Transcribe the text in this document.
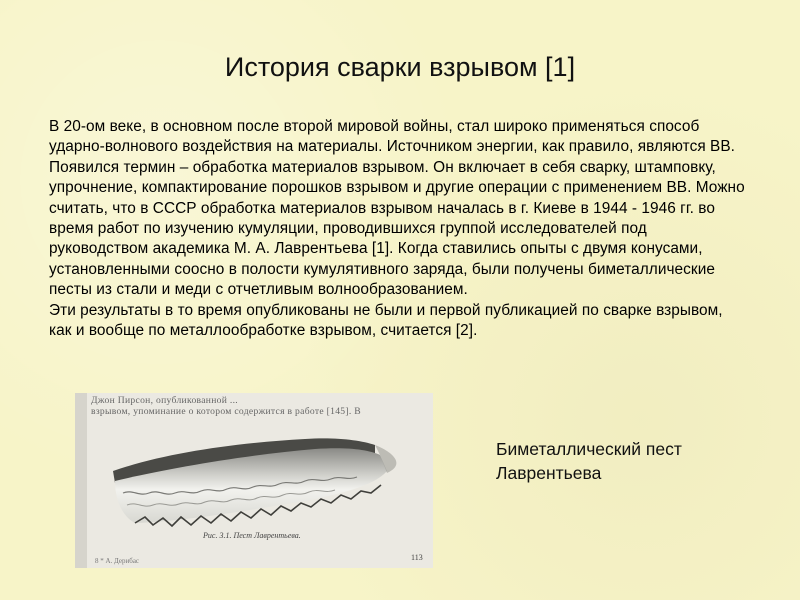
История сварки взрывом [1]

В 20-ом веке, в основном после второй мировой войны, стал широко применяться способ ударно-волнового воздействия на материалы. Источником энергии, как правило, являются ВВ. Появился термин – обработка материалов взрывом. Он включает в себя сварку, штамповку, упрочнение, компактирование порошков взрывом и другие операции с применением ВВ. Можно считать, что в СССР обработка материалов взрывом началась в г. Киеве в 1944 - 1946 гг. во время работ по изучению кумуляции, проводившихся группой исследователей под руководством академика М. А. Лаврентьева [1]. Когда ставились опыты с двумя конусами, установленными соосно в полости кумулятивного заряда, были получены биметаллические песты из стали и меди с отчетливым волнообразованием.

Эти результаты в то время опубликованы не были и первой публикацией по сварке взрывом, как и вообще по металлообработке взрывом, считается [2].

Джон Пирсон, опубликованной ...
взрывом, упоминание о котором содержится в работе [145]. В
Рис. 3.1. Пест Лаврентьева.
113
8 * А. Дерибас
Биметаллический пест
Лаврентьева
